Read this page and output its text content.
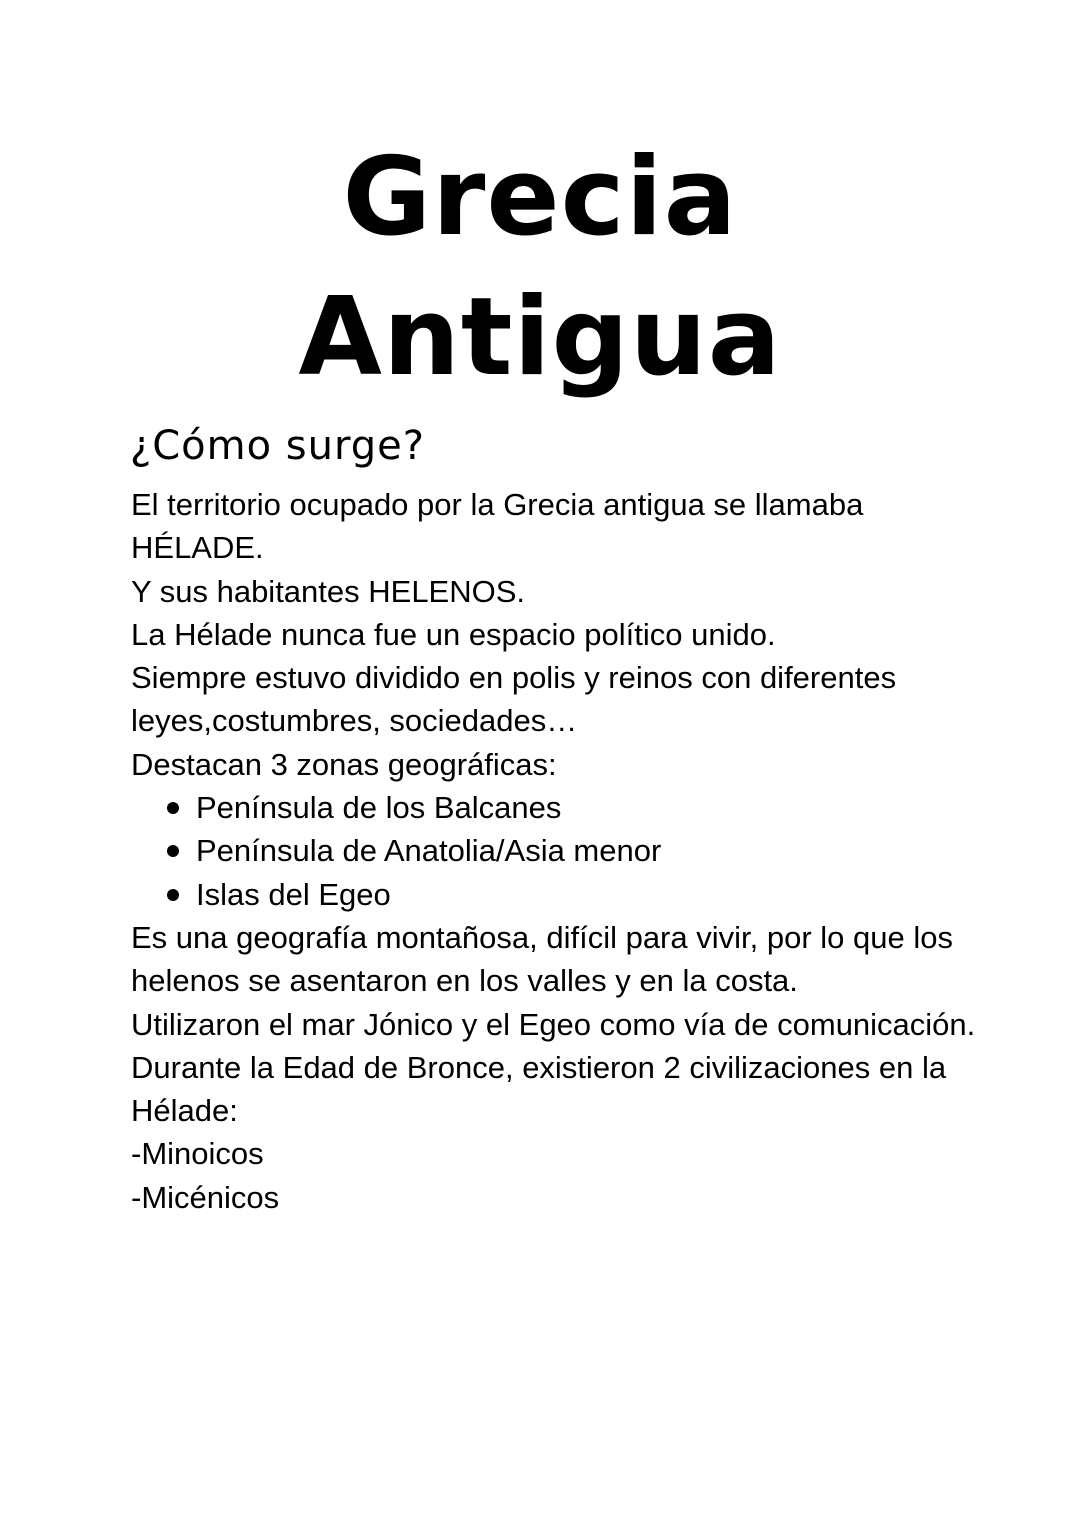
Grecia
Antigua
¿Cómo surge?

El territorio ocupado por la Grecia antigua se llamaba HÉLADE.

Y sus habitantes HELENOS.

La Hélade nunca fue un espacio político unido.

Siempre estuvo dividido en polis y reinos con diferentes leyes,costumbres, sociedades…

Destacan 3 zonas geográficas:

Península de los Balcanes
Península de Anatolia/Asia menor
Islas del Egeo

Es una geografía montañosa, difícil para vivir, por lo que los helenos se asentaron en los valles y en la costa.

Utilizaron el mar Jónico y el Egeo como vía de comunicación.

Durante la Edad de Bronce, existieron 2 civilizaciones en la Hélade:

-Minoicos

-Micénicos
